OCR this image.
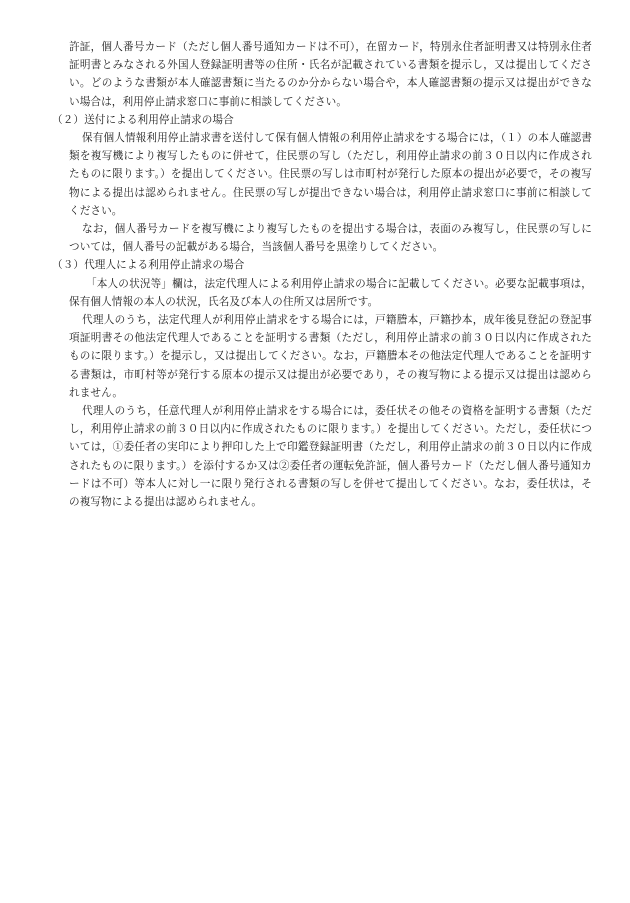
許証，個人番号カード（ただし個人番号通知カードは不可），在留カード，特別永住者証明書又は特別永住者証明書とみなされる外国人登録証明書等の住所・氏名が記載されている書類を提示し，又は提出してください。どのような書類が本人確認書類に当たるのか分からない場合や，本人確認書類の提示又は提出ができない場合は，利用停止請求窓口に事前に相談してください。

（２）送付による利用停止請求の場合

保有個人情報利用停止請求書を送付して保有個人情報の利用停止請求をする場合には，（１）の本人確認書類を複写機により複写したものに併せて，住民票の写し（ただし，利用停止請求の前３０日以内に作成されたものに限ります。）を提出してください。住民票の写しは市町村が発行した原本の提出が必要で，その複写物による提出は認められません。住民票の写しが提出できない場合は，利用停止請求窓口に事前に相談してください。

なお，個人番号カードを複写機により複写したものを提出する場合は，表面のみ複写し，住民票の写しについては，個人番号の記載がある場合，当該個人番号を黒塗りしてください。

（３）代理人による利用停止請求の場合

「本人の状況等」欄は，法定代理人による利用停止請求の場合に記載してください。必要な記載事項は，保有個人情報の本人の状況，氏名及び本人の住所又は居所です。

代理人のうち，法定代理人が利用停止請求をする場合には，戸籍謄本，戸籍抄本，成年後見登記の登記事項証明書その他法定代理人であることを証明する書類（ただし，利用停止請求の前３０日以内に作成されたものに限ります。）を提示し，又は提出してください。なお，戸籍謄本その他法定代理人であることを証明する書類は，市町村等が発行する原本の提示又は提出が必要であり，その複写物による提示又は提出は認められません。

代理人のうち，任意代理人が利用停止請求をする場合には，委任状その他その資格を証明する書類（ただし，利用停止請求の前３０日以内に作成されたものに限ります。）を提出してください。ただし，委任状については，①委任者の実印により押印した上で印鑑登録証明書（ただし，利用停止請求の前３０日以内に作成されたものに限ります。）を添付するか又は②委任者の運転免許証，個人番号カード（ただし個人番号通知カードは不可）等本人に対し一に限り発行される書類の写しを併せて提出してください。なお，委任状は，その複写物による提出は認められません。
